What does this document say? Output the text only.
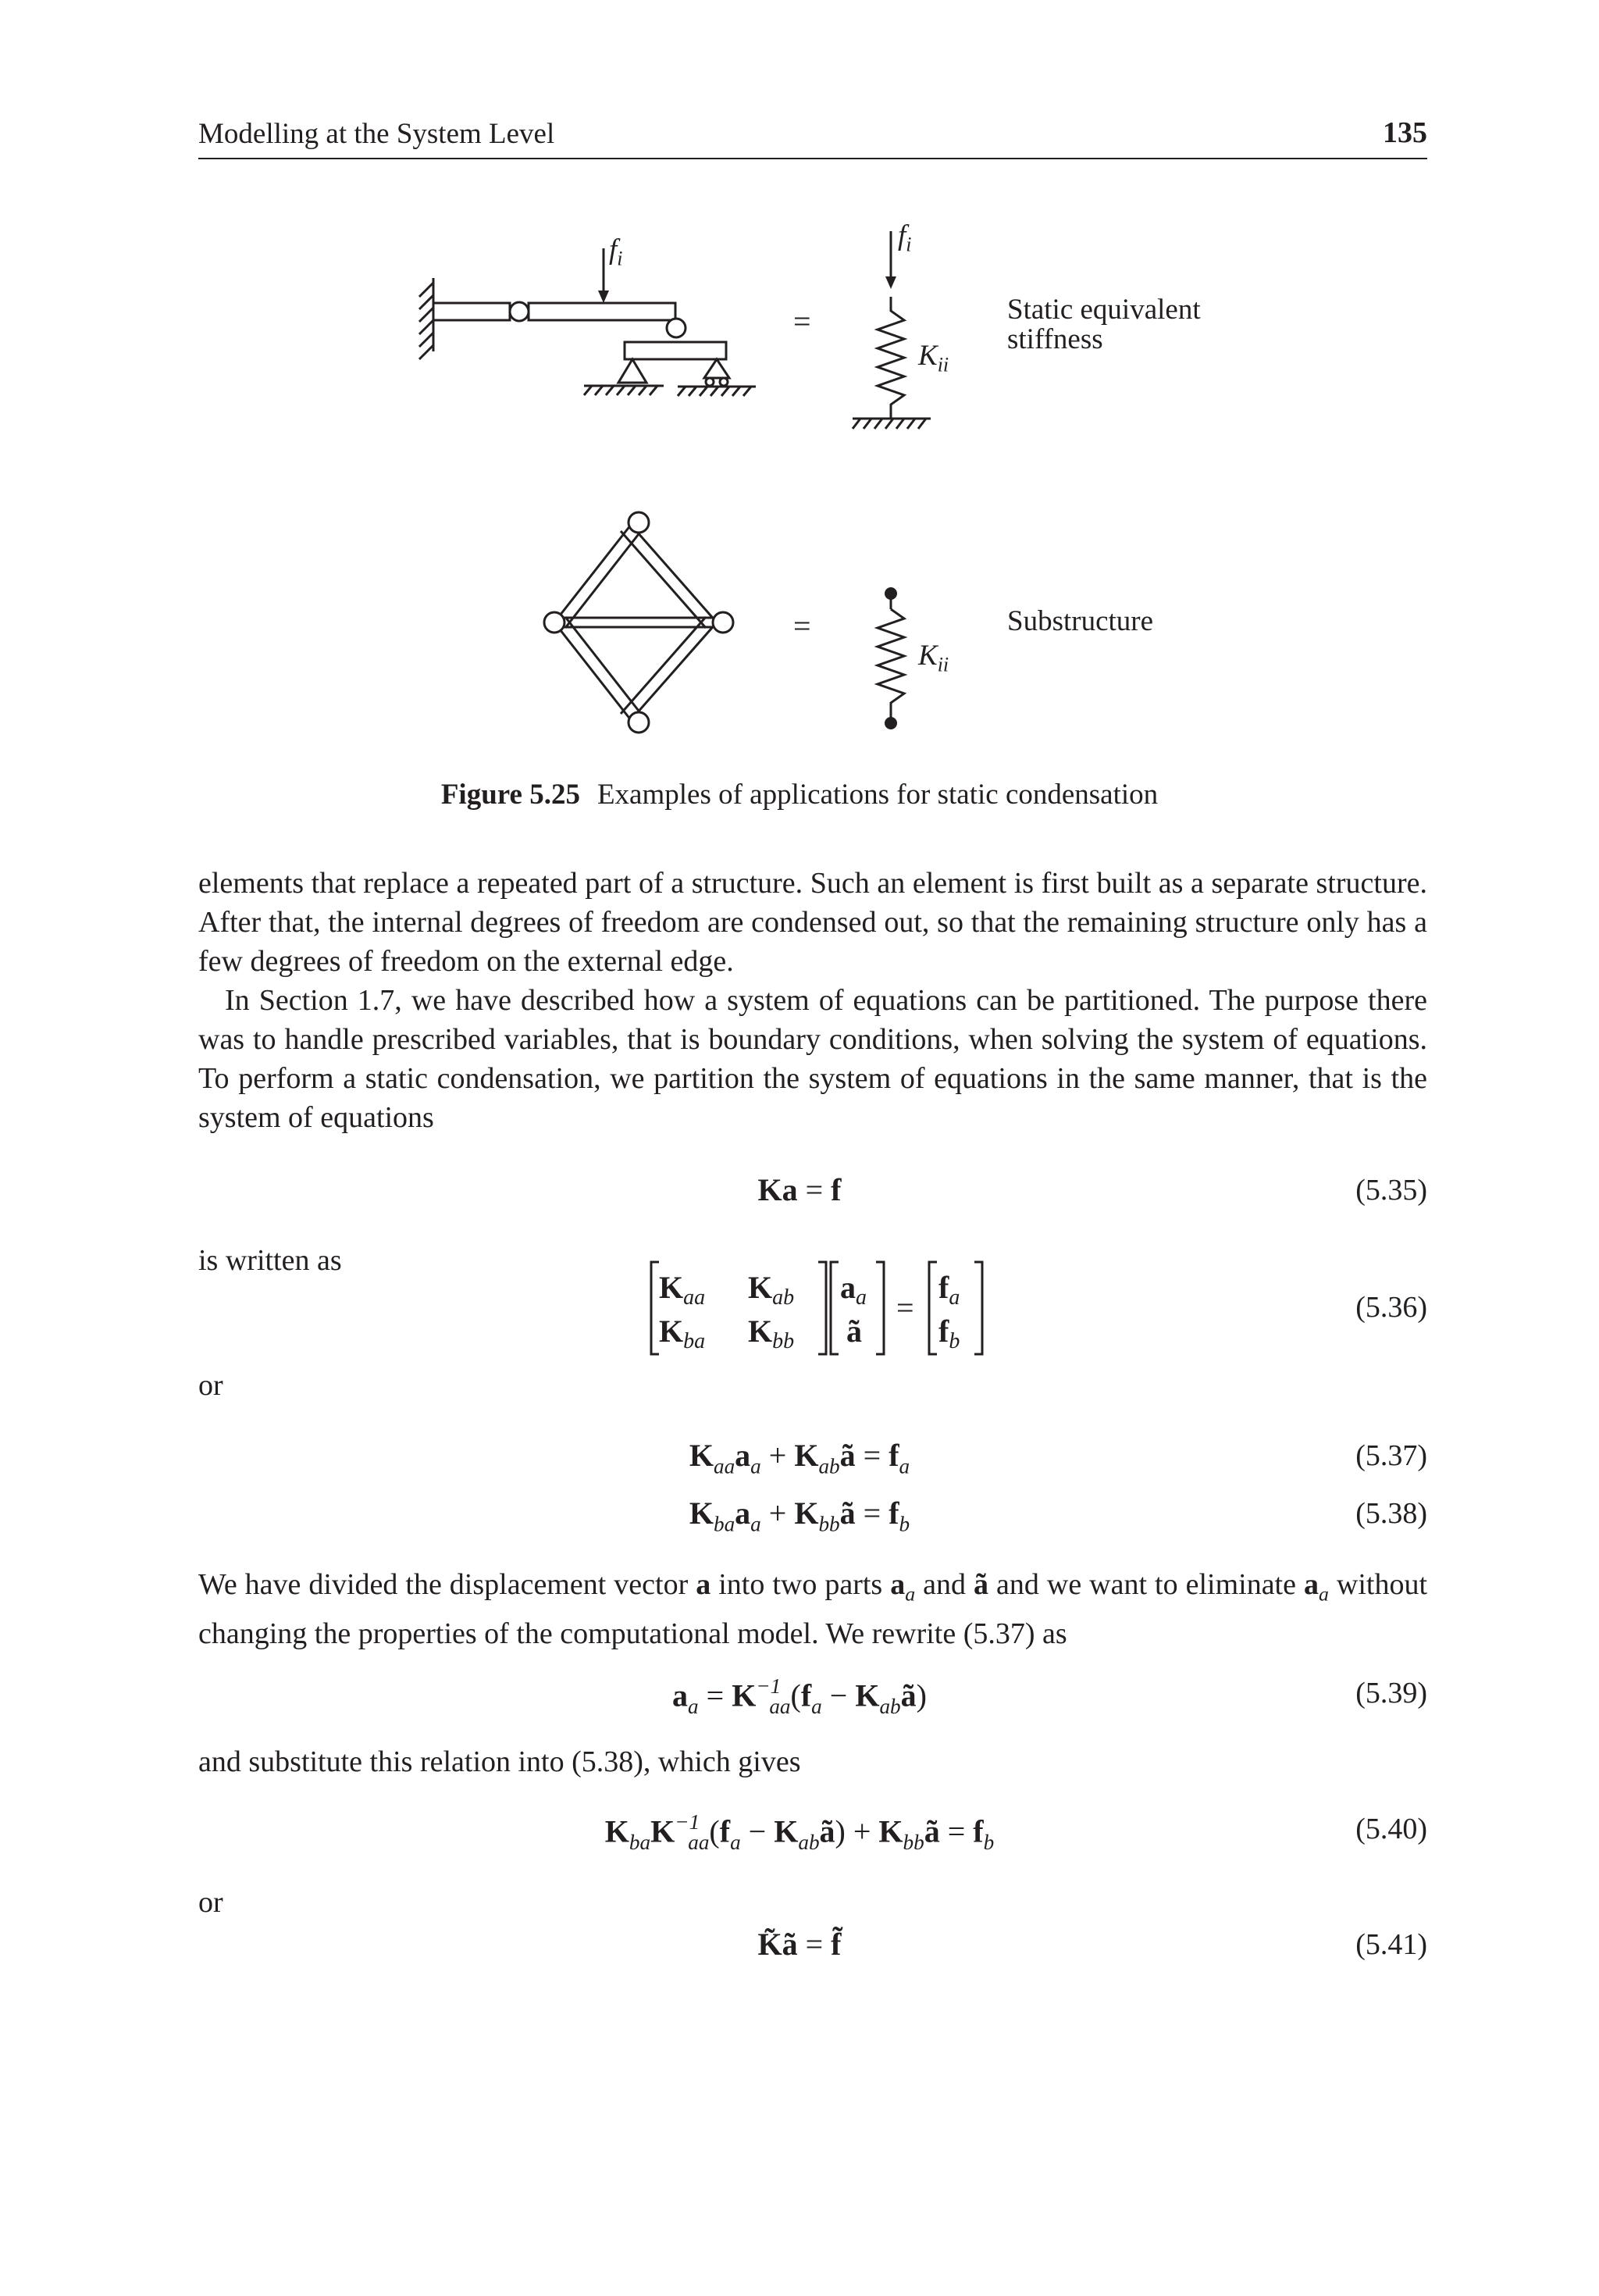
Modelling at the System Level	135
$f_i$
$f_i$
=
$K_{ii}$
Static equivalent
stiffness
=
$K_{ii}$
Substructure
Figure 5.25 Examples of applications for static condensation

elements that replace a repeated part of a structure. Such an element is first built as a separate structure. After that, the internal degrees of freedom are condensed out, so that the remaining structure only has a few degrees of freedom on the external edge.

In Section 1.7, we have described how a system of equations can be partitioned. The purpose there was to handle prescribed variables, that is boundary conditions, when solving the system of equations. To perform a static condensation, we partition the system of equations in the same manner, that is the system of equations

Ka = f	(5.35)
is written as
$K_{aa}$ $K_{ab}$
$K_{ba}$ $K_{bb}$
$a_a$
ã
=
$f_a$
$f_b$
(5.36)
or
$K_{aa}a_a$ + $K_{ab}ã = f_a$	(5.37)
$K_{ba}a_a$ + $K_{bb}ã = f_b$	(5.38)

We have divided the displacement vector a into two parts $a_a$ and ã and we want to eliminate $a_a$ without changing the properties of the computational model. We rewrite (5.37) as

$a_a = K^{-1}_{aa}(f_a$ − $K_{ab}ã$)	(5.39)
and substitute this relation into (5.38), which gives
$K_{ba}K^{-1}_{aa}(f_a$ − $K_{ab}ã$) + $K_{bb}ã = f_b$	(5.40)
or
K̃ã = f̃	(5.41)
